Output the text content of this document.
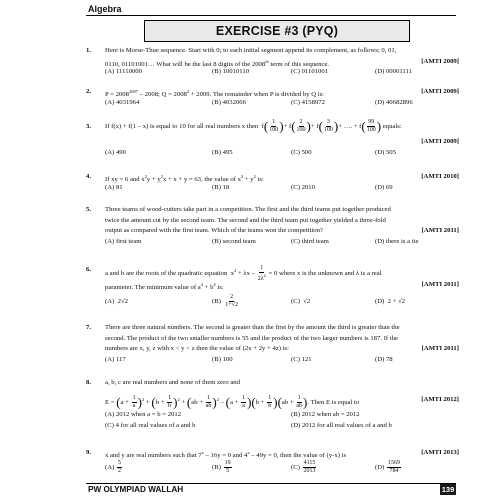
Algebra
EXERCISE #3 (PYQ)
1. Here is Morse-Thue sequence. Start with 0; to each initial segment append its complement, as follows; 0, 01,
0110, 01101001… What will be the last 8 digits of the 2008th term of this sequence.	[AMTI 2009]
(A) 11110000	(B) 10010110	(C) 01101001	(D) 00001111
2. $P = 2008^{2007} - 2008$; $Q = 2008^2 + 2009$. The remainder when P is divided by Q is:	[AMTI 2009]
(A) 4031964	(B) 4032066	(C) 4158972	(D) 40682896
3. If f(x) + f(1 – x) is equal to 10 for all real numbers x then  $f( \frac{1}{100}$ )+ $f( \frac{2}{100}$ )+ $f( \frac{3}{100}$ )+ …. + $f( \frac{99}{100}$ ) equals:
[AMTI 2009]
(A) 490	(B) 495	(C) 500	(D) 505
4. If xy = 6 and $x^2y + y^2x + x + y = 63$, the value of $x^2 + y^2$ is:	[AMTI 2010]
(A) 81	(B) 18	(C) 2010	(D) 69
5. Three teams of wood-cutters take part in a competition. The first and the third teams put together produced
twice the amount cut by the second team. The second and the third team put together yielded a three-fold
output as compared with the first team. Which of the teams won the competition?	[AMTI 2011]
(A) first team	(B) second team	(C) third team	(D) there is a tie
6.
a and b are the roots of the quadratic equation  $x^2 + \lambda x - \frac{1}{2\lambda^2} = 0$ where x is the unknown and λ is a real
parameter. The minimum value of $a^4 + b^4$ is:	[AMTI 2011]
(A)  2√2	$(B) \frac{2}{1+√2}$	(C)  √2	(D)  2 + √2
7. There are three natural numbers. The second is greater than the first by the amount the third is greater than the
second. The product of the two smaller numbers is 55 and the product of the two larger numbers is 187. If the
numbers are x, y, z with x < y < z then the value of (2x + 2y + 4z) is:	[AMTI 2011]
(A) 117	(B) 100	(C) 121	(D) 78
8. a, b, c are real numbers and none of them zero and
$E = (a + \frac{1}{a} )^2 + (b + \frac{1}{b} )^2 + (ab + \frac{1}{ab} )^2 - (a + \frac{1}{a} )(b + \frac{1}{b} )(ab + \frac{1}{ab}$ ). Then E is equal to	[AMTI 2012]
(A) 2012 when a = b = 2012	(B) 2012 when ab = 2012
(C) 4 for all real values of a and b	(D) 2012 for all real values of a and b
9. x and y are real numbers such that 7$^x$ – 16y = 0 and 4$^x$ – 49y = 0, then the value of (y-x) is	[AMTI 2013]
$(A) \frac{5}{2}$	$(B) \frac{19}{5}$	$(C) \frac{4115}{2013}$	$(D) \frac{1569}{784}$
PW OLYMPIAD WALLAH	139
